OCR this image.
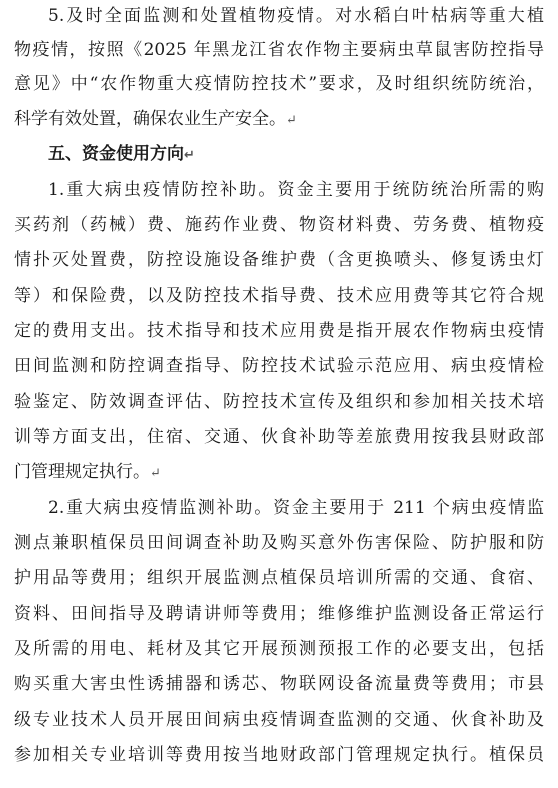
5.及时全面监测和处置植物疫情。对水稻白叶枯病等重大植
物疫情，按照《2025 年黑龙江省农作物主要病虫草鼠害防控指导
意见》中“农作物重大疫情防控技术”要求，及时组织统防统治，
科学有效处置，确保农业生产安全。↵
五、资金使用方向↵
1.重大病虫疫情防控补助。资金主要用于统防统治所需的购
买药剂（药械）费、施药作业费、物资材料费、劳务费、植物疫
情扑灭处置费，防控设施设备维护费（含更换喷头、修复诱虫灯
等）和保险费，以及防控技术指导费、技术应用费等其它符合规
定的费用支出。技术指导和技术应用费是指开展农作物病虫疫情
田间监测和防控调查指导、防控技术试验示范应用、病虫疫情检
验鉴定、防效调查评估、防控技术宣传及组织和参加相关技术培
训等方面支出，住宿、交通、伙食补助等差旅费用按我县财政部
门管理规定执行。↵
2.重大病虫疫情监测补助。资金主要用于 211 个病虫疫情监
测点兼职植保员田间调查补助及购买意外伤害保险、防护服和防
护用品等费用；组织开展监测点植保员培训所需的交通、食宿、
资料、田间指导及聘请讲师等费用；维修维护监测设备正常运行
及所需的用电、耗材及其它开展预测预报工作的必要支出，包括
购买重大害虫性诱捕器和诱芯、物联网设备流量费等费用；市县
级专业技术人员开展田间病虫疫情调查监测的交通、伙食补助及
参加相关专业培训等费用按当地财政部门管理规定执行。植保员
